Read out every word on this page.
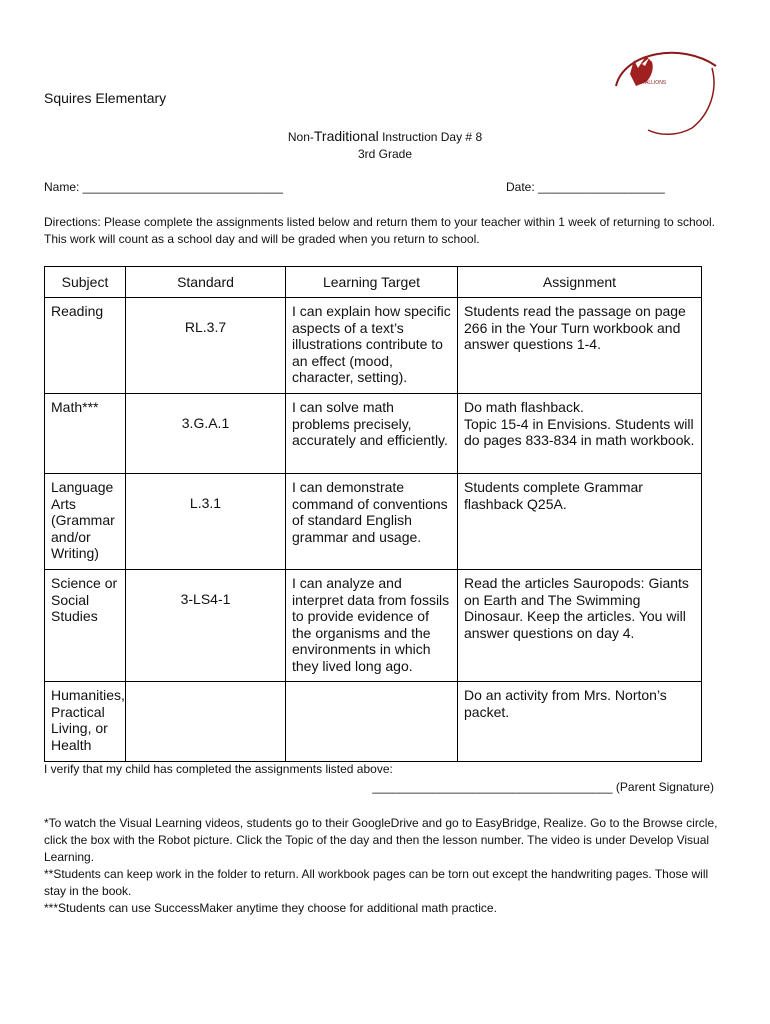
STALLIONS
Squires Elementary
Non-Traditional Instruction Day # 8
3rd Grade
Name: ______________________________	Date: ___________________
Directions: Please complete the assignments listed below and return them to your teacher within 1 week of returning to school. This work will count as a school day and will be graded when you return to school.
Subject	Standard	Learning Target	Assignment
Reading	RL.3.7	I can explain how specific aspects of a text’s illustrations contribute to an effect (mood, character, setting).	Students read the passage on page 266 in the Your Turn workbook and answer questions 1-4.
Math***	3.G.A.1	I can solve math problems precisely, accurately and efficiently.	Do math flashback.
Topic 15-4 in Envisions. Students will do pages 833-834 in math workbook.
Language Arts (Grammar and/or Writing)	L.3.1	I can demonstrate command of conventions of standard English grammar and usage.	Students complete Grammar flashback Q25A.
Science or Social Studies	3-LS4-1	I can analyze and interpret data from fossils to provide evidence of the organisms and the environments in which they lived long ago.	Read the articles Sauropods: Giants on Earth and The Swimming Dinosaur. Keep the articles. You will answer questions on day 4.
Humanities, Practical Living, or Health			Do an activity from Mrs. Norton’s packet.
I verify that my child has completed the assignments listed above:
____________________________________ (Parent Signature)

*To watch the Visual Learning videos, students go to their GoogleDrive and go to EasyBridge, Realize. Go to the Browse circle, click the box with the Robot picture. Click the Topic of the day and then the lesson number. The video is under Develop Visual Learning.

**Students can keep work in the folder to return. All workbook pages can be torn out except the handwriting pages. Those will stay in the book.

***Students can use SuccessMaker anytime they choose for additional math practice.
